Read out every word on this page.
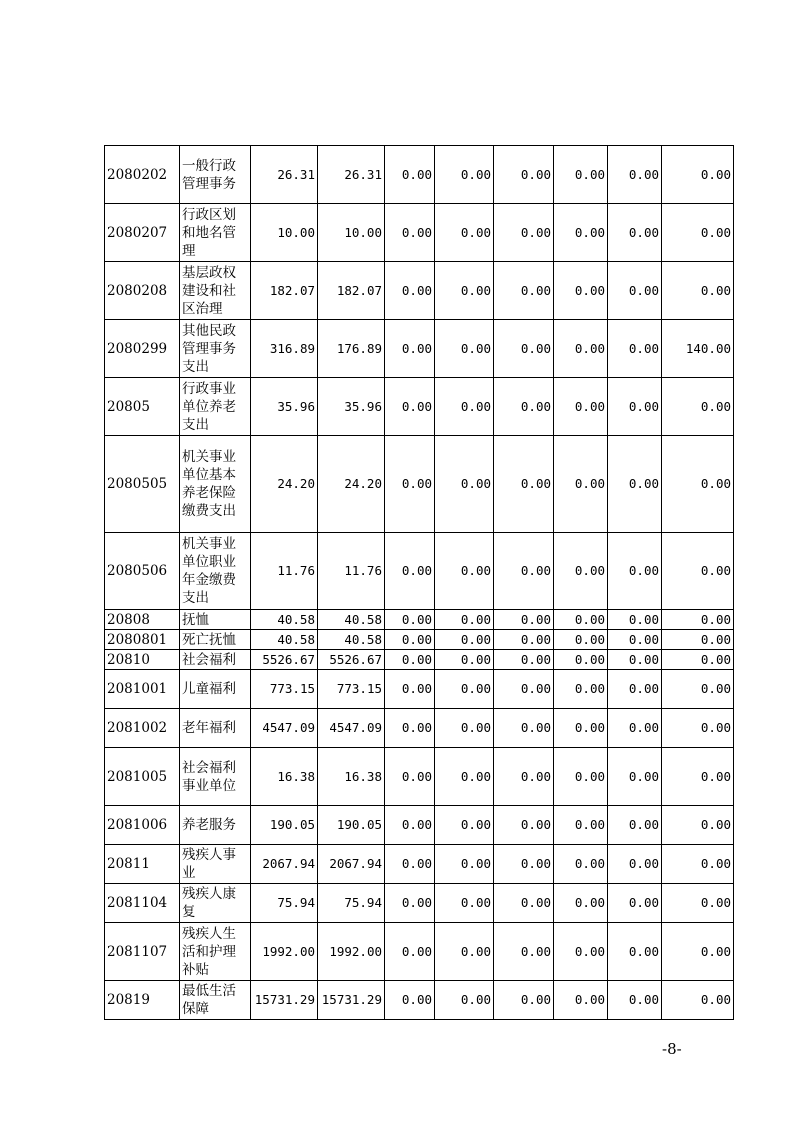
2080202	一般行政管理事务	26.31	26.31	0.00	0.00	0.00	0.00	0.00	0.00
2080207	行政区划和地名管理	10.00	10.00	0.00	0.00	0.00	0.00	0.00	0.00
2080208	基层政权建设和社区治理	182.07	182.07	0.00	0.00	0.00	0.00	0.00	0.00
2080299	其他民政管理事务支出	316.89	176.89	0.00	0.00	0.00	0.00	0.00	140.00
20805	行政事业单位养老支出	35.96	35.96	0.00	0.00	0.00	0.00	0.00	0.00
2080505	机关事业单位基本养老保险缴费支出	24.20	24.20	0.00	0.00	0.00	0.00	0.00	0.00
2080506	机关事业单位职业年金缴费支出	11.76	11.76	0.00	0.00	0.00	0.00	0.00	0.00
20808	抚恤	40.58	40.58	0.00	0.00	0.00	0.00	0.00	0.00
2080801	死亡抚恤	40.58	40.58	0.00	0.00	0.00	0.00	0.00	0.00
20810	社会福利	5526.67	5526.67	0.00	0.00	0.00	0.00	0.00	0.00
2081001	儿童福利	773.15	773.15	0.00	0.00	0.00	0.00	0.00	0.00
2081002	老年福利	4547.09	4547.09	0.00	0.00	0.00	0.00	0.00	0.00
2081005	社会福利事业单位	16.38	16.38	0.00	0.00	0.00	0.00	0.00	0.00
2081006	养老服务	190.05	190.05	0.00	0.00	0.00	0.00	0.00	0.00
20811	残疾人事业	2067.94	2067.94	0.00	0.00	0.00	0.00	0.00	0.00
2081104	残疾人康复	75.94	75.94	0.00	0.00	0.00	0.00	0.00	0.00
2081107	残疾人生活和护理补贴	1992.00	1992.00	0.00	0.00	0.00	0.00	0.00	0.00
20819	最低生活保障	15731.29	15731.29	0.00	0.00	0.00	0.00	0.00	0.00
-8-
